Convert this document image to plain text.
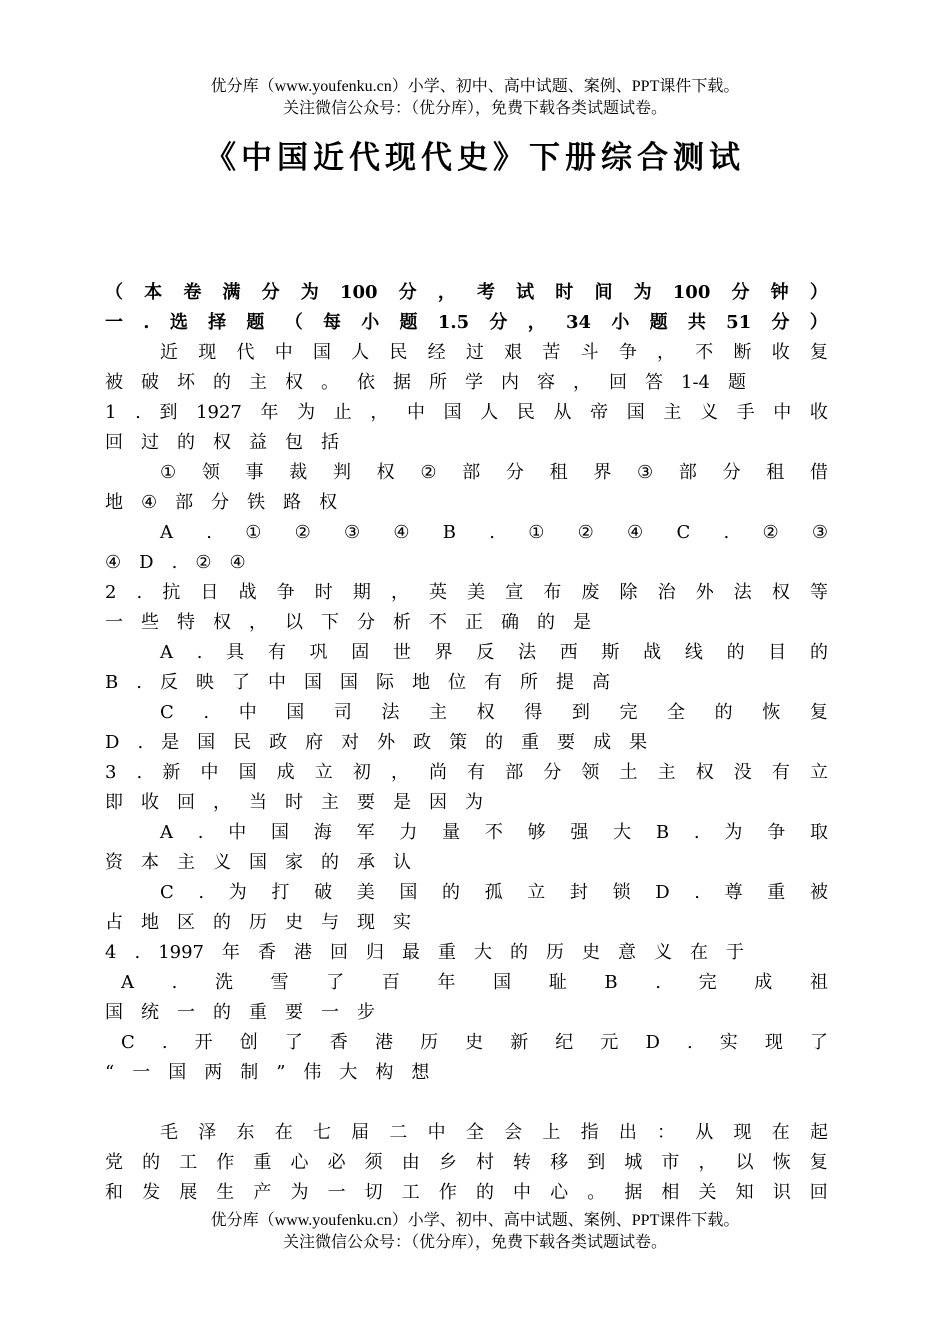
优分库（www.youfenku.cn）小学、初中、高中试题、案例、PPT课件下载。
关注微信公众号：（优分库），免费下载各类试题试卷。
《中国近代现代史》下册综合测试
（ 本 卷 满 分 为 100 分 ， 考 试 时 间 为 100 分 钟 ）
一 . 选 择 题 （ 每 小 题 1.5 分 ， 34 小 题 共 51 分 ）
近 现 代 中 国 人 民 经 过 艰 苦 斗 争 ， 不 断 收 复
被 破 坏 的 主 权 。 依 据 所 学 内 容 ， 回 答 1-4 题
1 . 到 1927 年 为 止 ， 中 国 人 民 从 帝 国 主 义 手 中 收
回 过 的 权 益 包 括
① 领 事 裁 判 权 ② 部 分 租 界 ③ 部 分 租 借
地 ④ 部 分 铁 路 权
A . ① ② ③ ④ B . ① ② ④ C . ② ③
④ D . ② ④
2 . 抗 日 战 争 时 期 ， 英 美 宣 布 废 除 治 外 法 权 等
一 些 特 权 ， 以 下 分 析 不 正 确 的 是
A . 具 有 巩 固 世 界 反 法 西 斯 战 线 的 目 的
B . 反 映 了 中 国 国 际 地 位 有 所 提 高
C . 中 国 司 法 主 权 得 到 完 全 的 恢 复
D . 是 国 民 政 府 对 外 政 策 的 重 要 成 果
3 . 新 中 国 成 立 初 ， 尚 有 部 分 领 土 主 权 没 有 立
即 收 回 ， 当 时 主 要 是 因 为
A . 中 国 海 军 力 量 不 够 强 大 B . 为 争 取
资 本 主 义 国 家 的 承 认
C . 为 打 破 美 国 的 孤 立 封 锁 D . 尊 重 被
占 地 区 的 历 史 与 现 实
4 . 1997 年 香 港 回 归 最 重 大 的 历 史 意 义 在 于
A . 洗 雪 了 百 年 国 耻 B . 完 成 祖
国 统 一 的 重 要 一 步
C . 开 创 了 香 港 历 史 新 纪 元 D . 实 现 了
“ 一 国 两 制 ” 伟 大 构 想
毛 泽 东 在 七 届 二 中 全 会 上 指 出 ： 从 现 在 起
党 的 工 作 重 心 必 须 由 乡 村 转 移 到 城 市 ， 以 恢 复
和 发 展 生 产 为 一 切 工 作 的 中 心 。 据 相 关 知 识 回
优分库（www.youfenku.cn）小学、初中、高中试题、案例、PPT课件下载。
关注微信公众号：（优分库），免费下载各类试题试卷。
